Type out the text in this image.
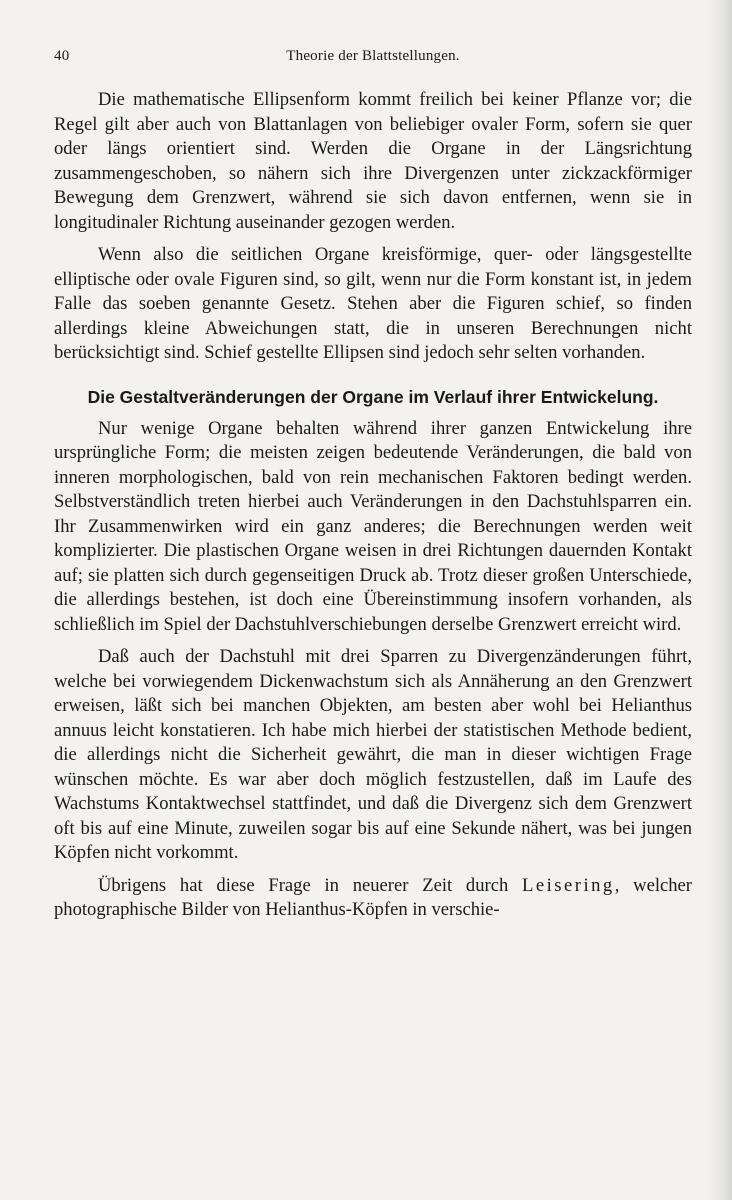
40	Theorie der Blattstellungen.

Die mathematische Ellipsenform kommt freilich bei keiner Pflanze vor; die Regel gilt aber auch von Blattanlagen von beliebiger ovaler Form, sofern sie quer oder längs orientiert sind. Werden die Organe in der Längsrichtung zusammengeschoben, so nähern sich ihre Divergenzen unter zickzackförmiger Bewegung dem Grenzwert, während sie sich davon entfernen, wenn sie in longitudinaler Richtung auseinander gezogen werden.

Wenn also die seitlichen Organe kreisförmige, quer- oder längsgestellte elliptische oder ovale Figuren sind, so gilt, wenn nur die Form konstant ist, in jedem Falle das soeben genannte Gesetz. Stehen aber die Figuren schief, so finden allerdings kleine Abweichungen statt, die in unseren Berechnungen nicht berücksichtigt sind. Schief gestellte Ellipsen sind jedoch sehr selten vorhanden.

Die Gestaltveränderungen der Organe im Verlauf ihrer Entwickelung.

Nur wenige Organe behalten während ihrer ganzen Entwickelung ihre ursprüngliche Form; die meisten zeigen bedeutende Veränderungen, die bald von inneren morphologischen, bald von rein mechanischen Faktoren bedingt werden. Selbstverständlich treten hierbei auch Veränderungen in den Dachstuhlsparren ein. Ihr Zusammenwirken wird ein ganz anderes; die Berechnungen werden weit komplizierter. Die plastischen Organe weisen in drei Richtungen dauernden Kontakt auf; sie platten sich durch gegenseitigen Druck ab. Trotz dieser großen Unterschiede, die allerdings bestehen, ist doch eine Übereinstimmung insofern vorhanden, als schließlich im Spiel der Dachstuhlverschiebungen derselbe Grenzwert erreicht wird.

Daß auch der Dachstuhl mit drei Sparren zu Divergenzänderungen führt, welche bei vorwiegendem Dickenwachstum sich als Annäherung an den Grenzwert erweisen, läßt sich bei manchen Objekten, am besten aber wohl bei Helianthus annuus leicht konstatieren. Ich habe mich hierbei der statistischen Methode bedient, die allerdings nicht die Sicherheit gewährt, die man in dieser wichtigen Frage wünschen möchte. Es war aber doch möglich festzustellen, daß im Laufe des Wachstums Kontaktwechsel stattfindet, und daß die Divergenz sich dem Grenzwert oft bis auf eine Minute, zuweilen sogar bis auf eine Sekunde nähert, was bei jungen Köpfen nicht vorkommt.

Übrigens hat diese Frage in neuerer Zeit durch Leisering, welcher photographische Bilder von Helianthus-Köpfen in verschie-
